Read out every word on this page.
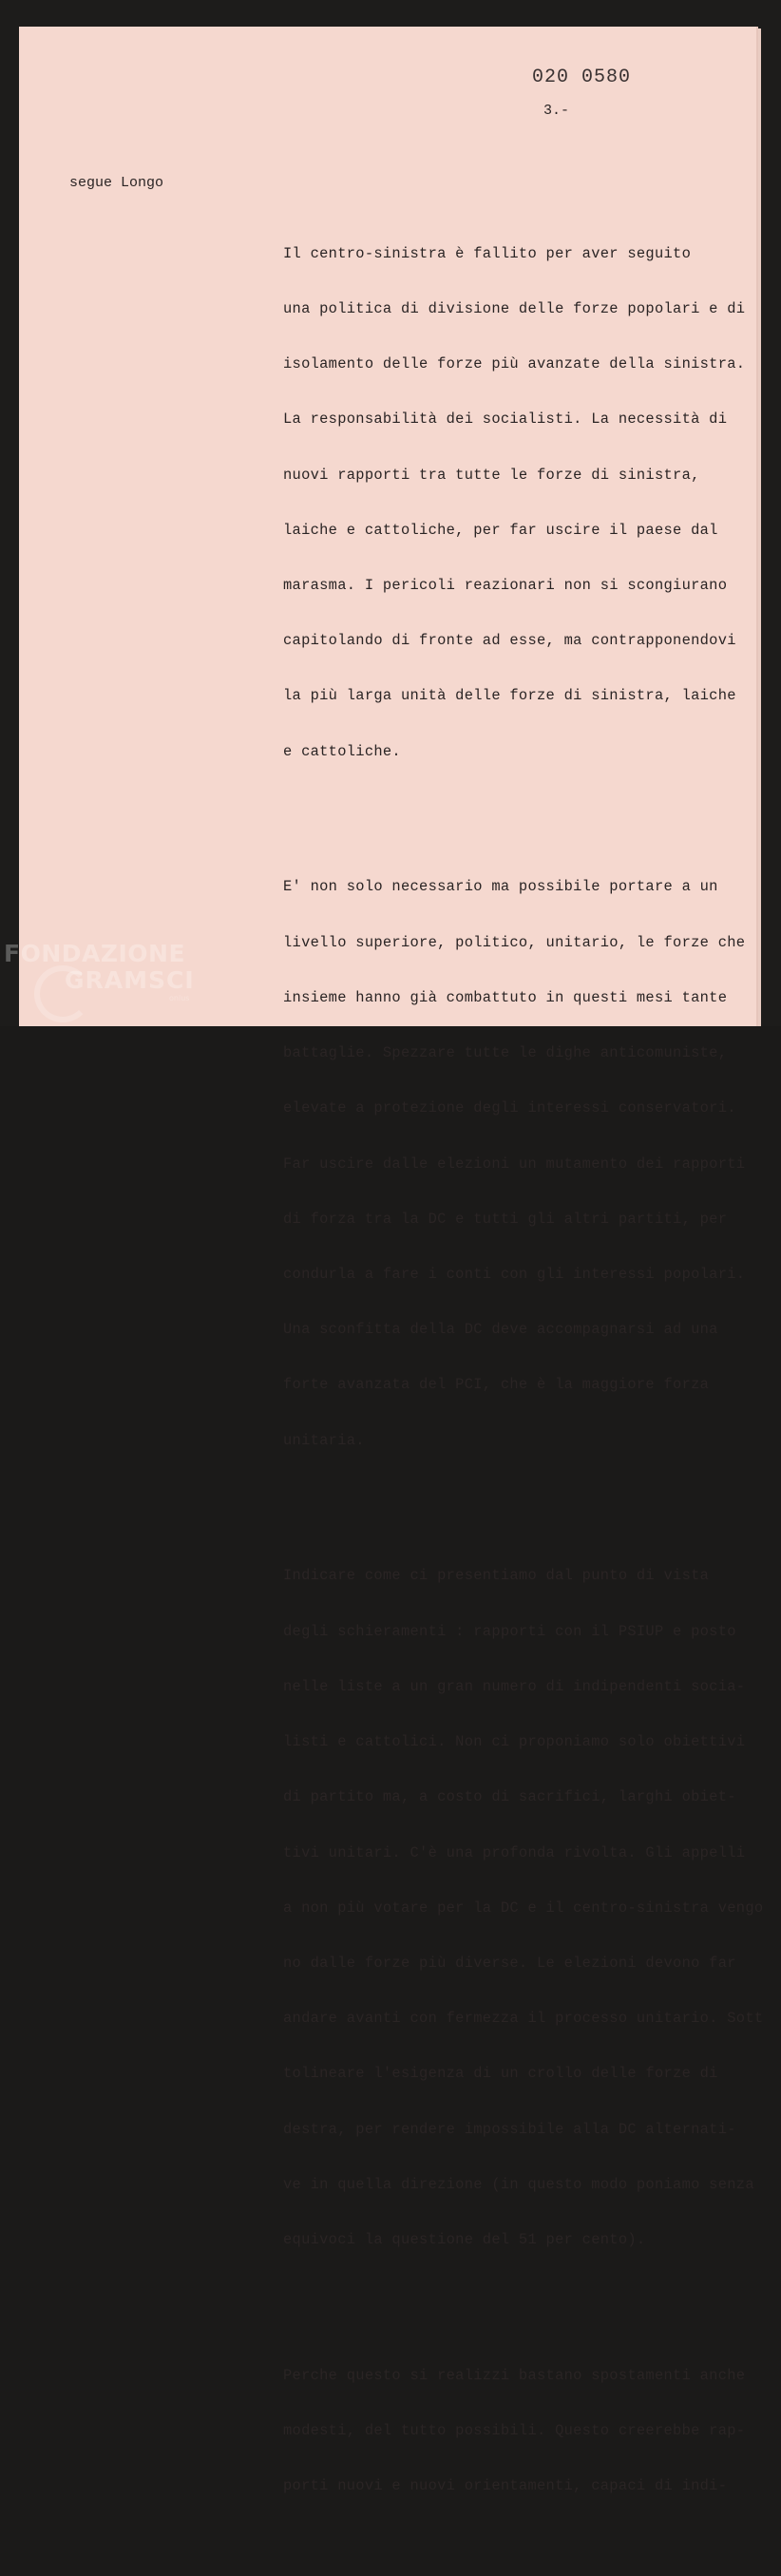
020 0580
3.-
segue Longo

Il centro-sinistra è fallito per aver seguito

una politica di divisione delle forze popolari e di

isolamento delle forze più avanzate della sinistra.

La responsabilità dei socialisti. La necessità di

nuovi rapporti tra tutte le forze di sinistra,

laiche e cattoliche, per far uscire il paese dal

marasma. I pericoli reazionari non si scongiurano

capitolando di fronte ad esse, ma contrapponendovi

la più larga unità delle forze di sinistra, laiche

e cattoliche.

E' non solo necessario ma possibile portare a un

livello superiore, politico, unitario, le forze che

insieme hanno già combattuto in questi mesi tante

battaglie. Spezzare tutte le dighe anticomuniste,

elevate a protezione degli interessi conservatori.

Far uscire dalle elezioni un mutamento dei rapporti

di forza tra la DC e tutti gli altri partiti, per

condurla a fare i conti con gli interessi popolari.

Una sconfitta della DC deve accompagnarsi ad una

forte avanzata del PCI, che è la maggiore forza

unitaria.

Indicare come ci presentiamo dal punto di vista

degli schieramenti : rapporti con il PSIUP e posto

nelle liste a un gran numero di indipendenti socia-

listi e cattolici. Non ci proponiamo solo obiettivi

di partito ma, a costo di sacrifici, larghi obiet-

tivi unitari. C'è una profonda rivolta. Gli appelli

a non più votare per la DC e il centro-sinistra vengo

no dalle forze più diverse. Le elezioni devono far

andare avanti con fermezza il processo unitario. Sott

tolineare l'esigenza di un crollo delle forze di

destra, per rendere impossibile alla DC alternati-

ve in quella direzione (in questo modo poniamo senza

equivoci la questione del 51 per cento).

Perche questo si realizzi bastano spostamenti anche

modesti, del tutto possibili. Questo creerebbe rap-

porti nuovi e nuovi orientamenti, capaci di indi-

FONDAZIONE
GRAMSCI
onlus
